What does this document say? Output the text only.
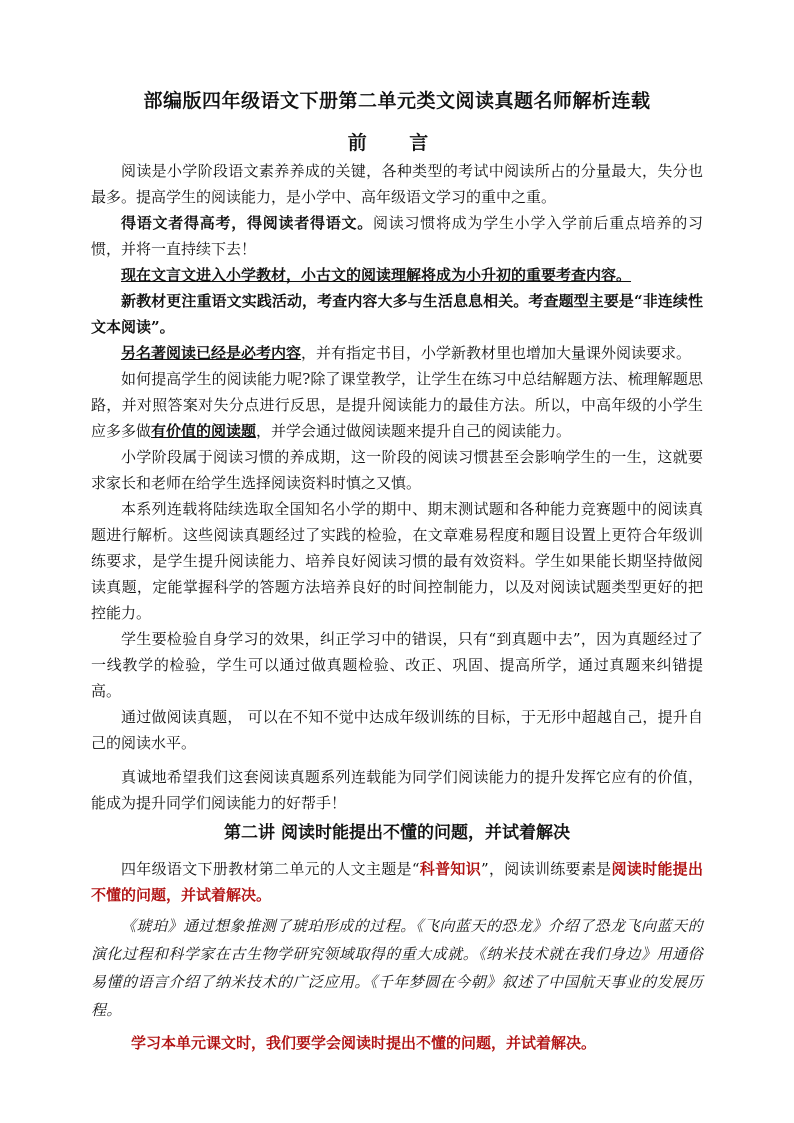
部编版四年级语文下册第二单元类文阅读真题名师解析连载
前 言

阅读是小学阶段语文素养养成的关键，各种类型的考试中阅读所占的分量最大，失分也最多。提高学生的阅读能力，是小学中、高年级语文学习的重中之重。

得语文者得高考，得阅读者得语文。阅读习惯将成为学生小学入学前后重点培养的习惯，并将一直持续下去！

现在文言文进入小学教材，小古文的阅读理解将成为小升初的重要考查内容。

新教材更注重语文实践活动，考查内容大多与生活息息相关。考查题型主要是“非连续性文本阅读”。

另名著阅读已经是必考内容，并有指定书目，小学新教材里也增加大量课外阅读要求。

如何提高学生的阅读能力呢?除了课堂教学，让学生在练习中总结解题方法、梳理解题思路，并对照答案对失分点进行反思，是提升阅读能力的最佳方法。所以，中高年级的小学生应多多做有价值的阅读题，并学会通过做阅读题来提升自己的阅读能力。

小学阶段属于阅读习惯的养成期，这一阶段的阅读习惯甚至会影响学生的一生，这就要求家长和老师在给学生选择阅读资料时慎之又慎。

本系列连载将陆续选取全国知名小学的期中、期末测试题和各种能力竞赛题中的阅读真题进行解析。这些阅读真题经过了实践的检验，在文章难易程度和题目设置上更符合年级训练要求，是学生提升阅读能力、培养良好阅读习惯的最有效资料。学生如果能长期坚持做阅读真题，定能掌握科学的答题方法培养良好的时间控制能力，以及对阅读试题类型更好的把控能力。

学生要检验自身学习的效果，纠正学习中的错误，只有“到真题中去”，因为真题经过了一线教学的检验，学生可以通过做真题检验、改正、巩固、提高所学，通过真题来纠错提高。

通过做阅读真题， 可以在不知不觉中达成年级训练的目标，于无形中超越自己，提升自己的阅读水平。

真诚地希望我们这套阅读真题系列连载能为同学们阅读能力的提升发挥它应有的价值，能成为提升同学们阅读能力的好帮手！

第二讲 阅读时能提出不懂的问题，并试着解决

四年级语文下册教材第二单元的人文主题是“科普知识”，阅读训练要素是阅读时能提出不懂的问题，并试着解决。

《琥珀》通过想象推测了琥珀形成的过程。《飞向蓝天的恐龙》介绍了恐龙飞向蓝天的演化过程和科学家在古生物学研究领域取得的重大成就。《纳米技术就在我们身边》用通俗易懂的语言介绍了纳米技术的广泛应用。《千年梦圆在今朝》叙述了中国航天事业的发展历程。

学习本单元课文时，我们要学会阅读时提出不懂的问题，并试着解决。
